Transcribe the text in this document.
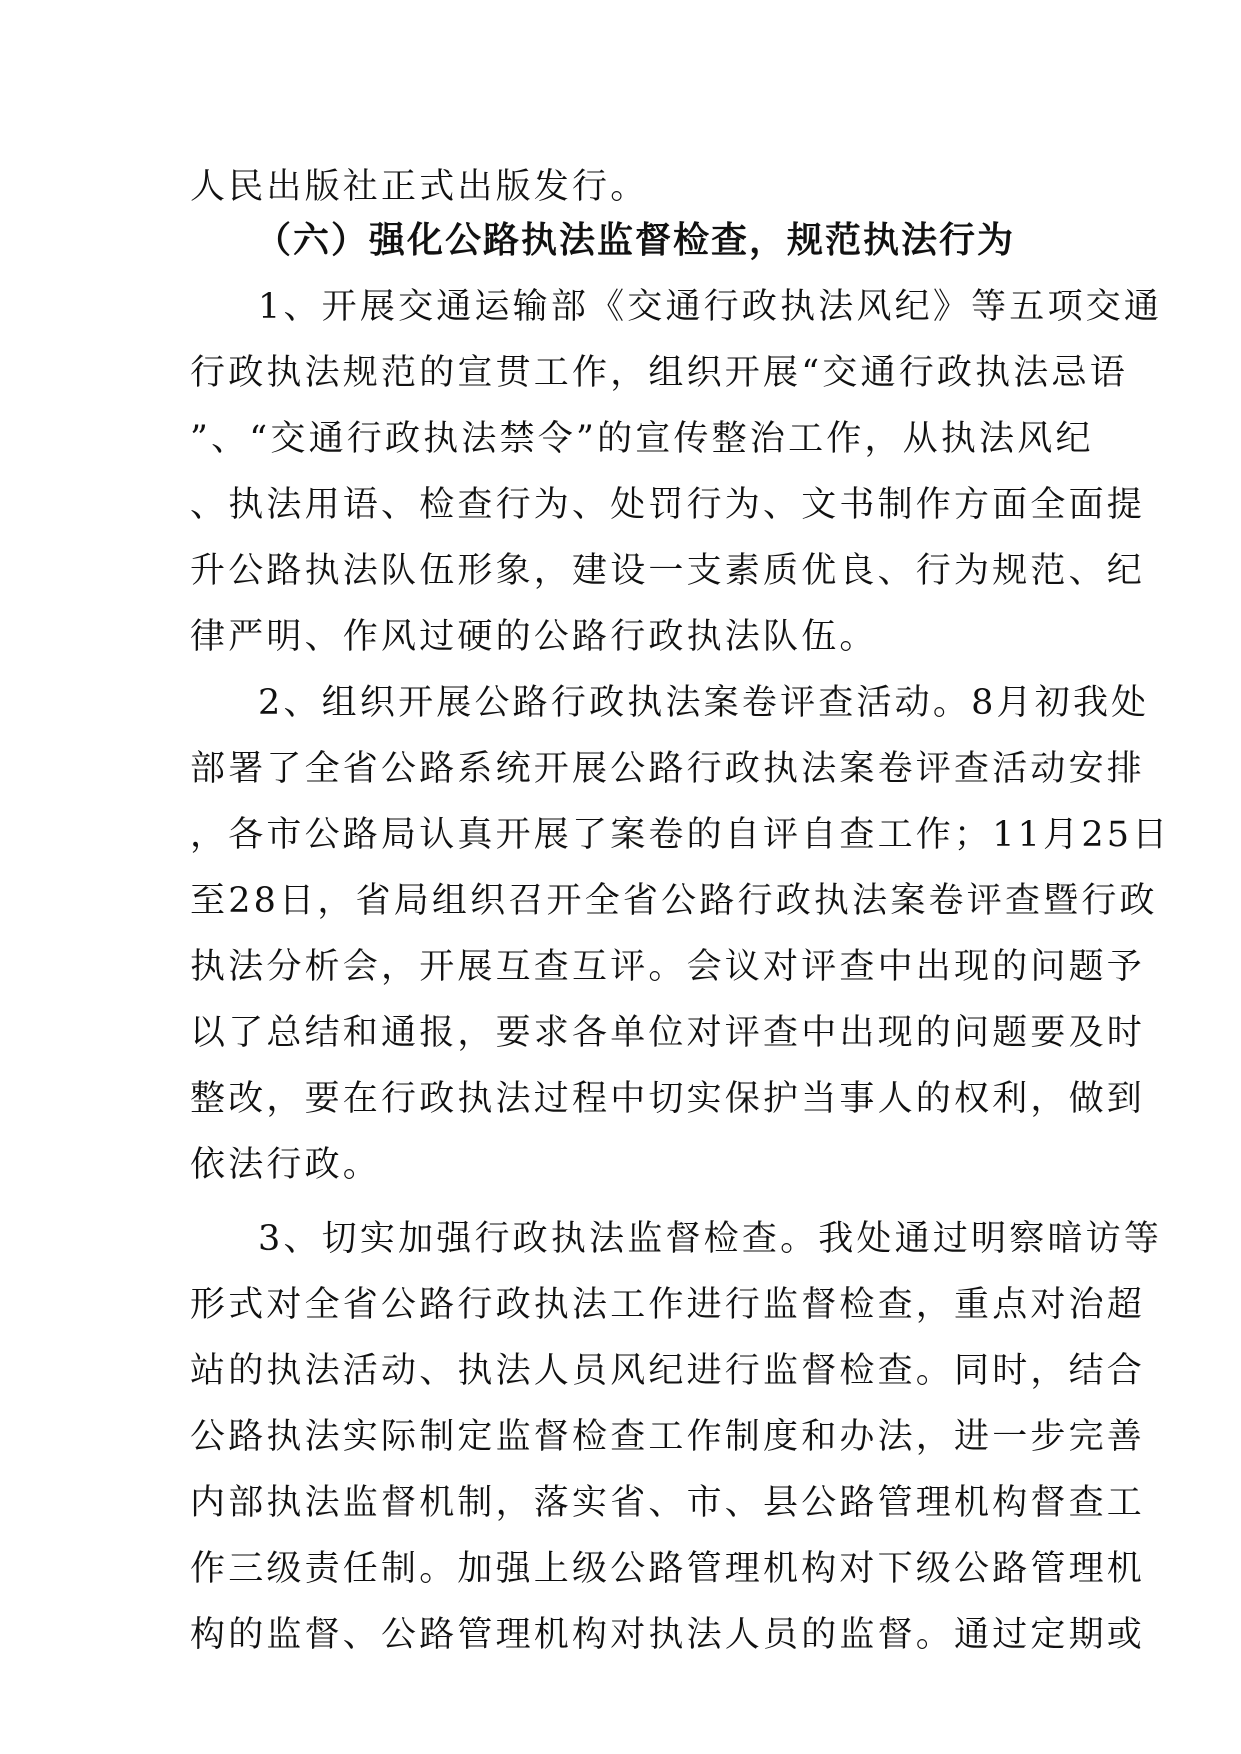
人民出版社正式出版发行。

（六）强化公路执法监督检查，规范执法行为

1、开展交通运输部《交通行政执法风纪》等五项交通

行政执法规范的宣贯工作，组织开展“交通行政执法忌语

”、“交通行政执法禁令”的宣传整治工作，从执法风纪

、执法用语、检查行为、处罚行为、文书制作方面全面提

升公路执法队伍形象，建设一支素质优良、行为规范、纪

律严明、作风过硬的公路行政执法队伍。

2、组织开展公路行政执法案卷评查活动。8月初我处

部署了全省公路系统开展公路行政执法案卷评查活动安排

，各市公路局认真开展了案卷的自评自查工作；11月25日

至28日，省局组织召开全省公路行政执法案卷评查暨行政

执法分析会，开展互查互评。会议对评查中出现的问题予

以了总结和通报，要求各单位对评查中出现的问题要及时

整改，要在行政执法过程中切实保护当事人的权利，做到

依法行政。

3、切实加强行政执法监督检查。我处通过明察暗访等

形式对全省公路行政执法工作进行监督检查，重点对治超

站的执法活动、执法人员风纪进行监督检查。同时，结合

公路执法实际制定监督检查工作制度和办法，进一步完善

内部执法监督机制，落实省、市、县公路管理机构督查工

作三级责任制。加强上级公路管理机构对下级公路管理机

构的监督、公路管理机构对执法人员的监督。通过定期或
